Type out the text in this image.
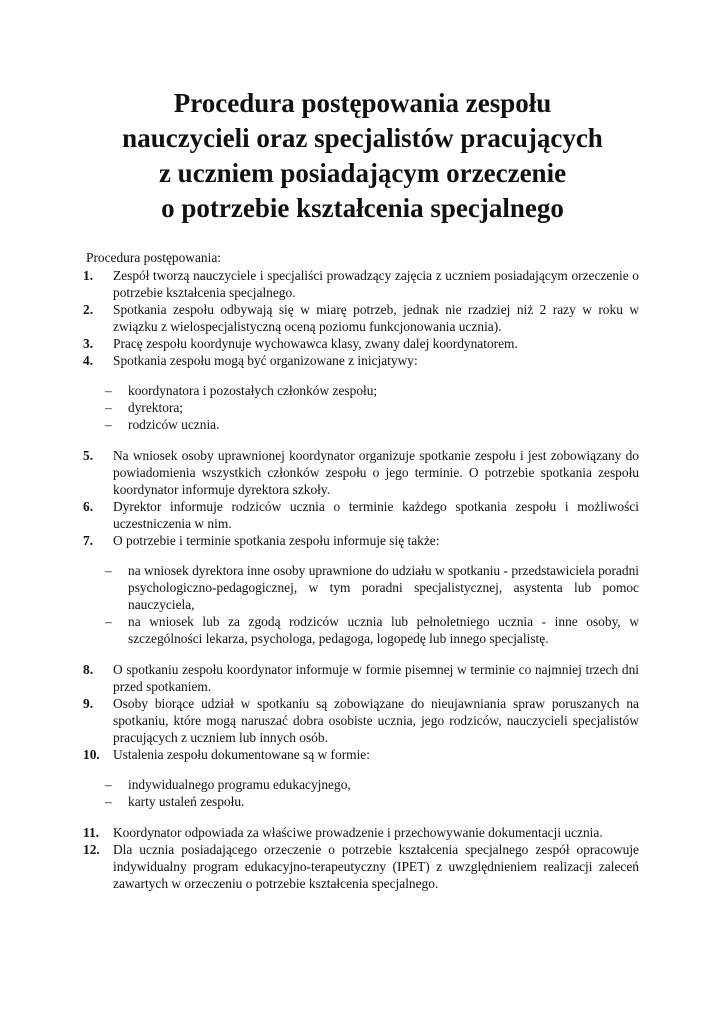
Procedura postępowania zespołu
nauczycieli oraz specjalistów pracujących
z uczniem posiadającym orzeczenie
o potrzebie kształcenia specjalnego
Procedura postępowania:
1.	Zespół tworzą nauczyciele i specjaliści prowadzący zajęcia z uczniem posiadającym orzeczenie o potrzebie kształcenia specjalnego.
2.	Spotkania zespołu odbywają się w miarę potrzeb, jednak nie rzadziej niż 2 razy w roku w związku z wielospecjalistyczną oceną poziomu funkcjonowania ucznia).
3.	Pracę zespołu koordynuje wychowawca klasy, zwany dalej koordynatorem.
4.	Spotkania zespołu mogą być organizowane z inicjatywy:
– koordynatora i pozostałych członków zespołu;
– dyrektora;
– rodziców ucznia.
5.	Na wniosek osoby uprawnionej koordynator organizuje spotkanie zespołu i jest zobowiązany do powiadomienia wszystkich członków zespołu o jego terminie. O potrzebie spotkania zespołu koordynator informuje dyrektora szkoły.
6.	Dyrektor informuje rodziców ucznia o terminie każdego spotkania zespołu i możliwości uczestniczenia w nim.
7.	O potrzebie i terminie spotkania zespołu informuje się także:
– na wniosek dyrektora inne osoby uprawnione do udziału w spotkaniu - przedstawiciela poradni psychologiczno-pedagogicznej, w tym poradni specjalistycznej, asystenta lub pomoc nauczyciela,
– na wniosek lub za zgodą rodziców ucznia lub pełnoletniego ucznia - inne osoby, w szczególności lekarza, psychologa, pedagoga, logopedę lub innego specjalistę.
8.	O spotkaniu zespołu koordynator informuje w formie pisemnej w terminie co najmniej trzech dni przed spotkaniem.
9.	Osoby biorące udział w spotkaniu są zobowiązane do nieujawniania spraw poruszanych na spotkaniu, które mogą naruszać dobra osobiste ucznia, jego rodziców, nauczycieli specjalistów pracujących z uczniem lub innych osób.
10. Ustalenia zespołu dokumentowane są w formie:
– indywidualnego programu edukacyjnego,
– karty ustaleń zespołu.
11.	Koordynator odpowiada za właściwe prowadzenie i przechowywanie dokumentacji ucznia.
12. Dla ucznia posiadającego orzeczenie o potrzebie kształcenia specjalnego zespół opracowuje indywidualny program edukacyjno-terapeutyczny (IPET) z uwzględnieniem realizacji zaleceń zawartych w orzeczeniu o potrzebie kształcenia specjalnego.
